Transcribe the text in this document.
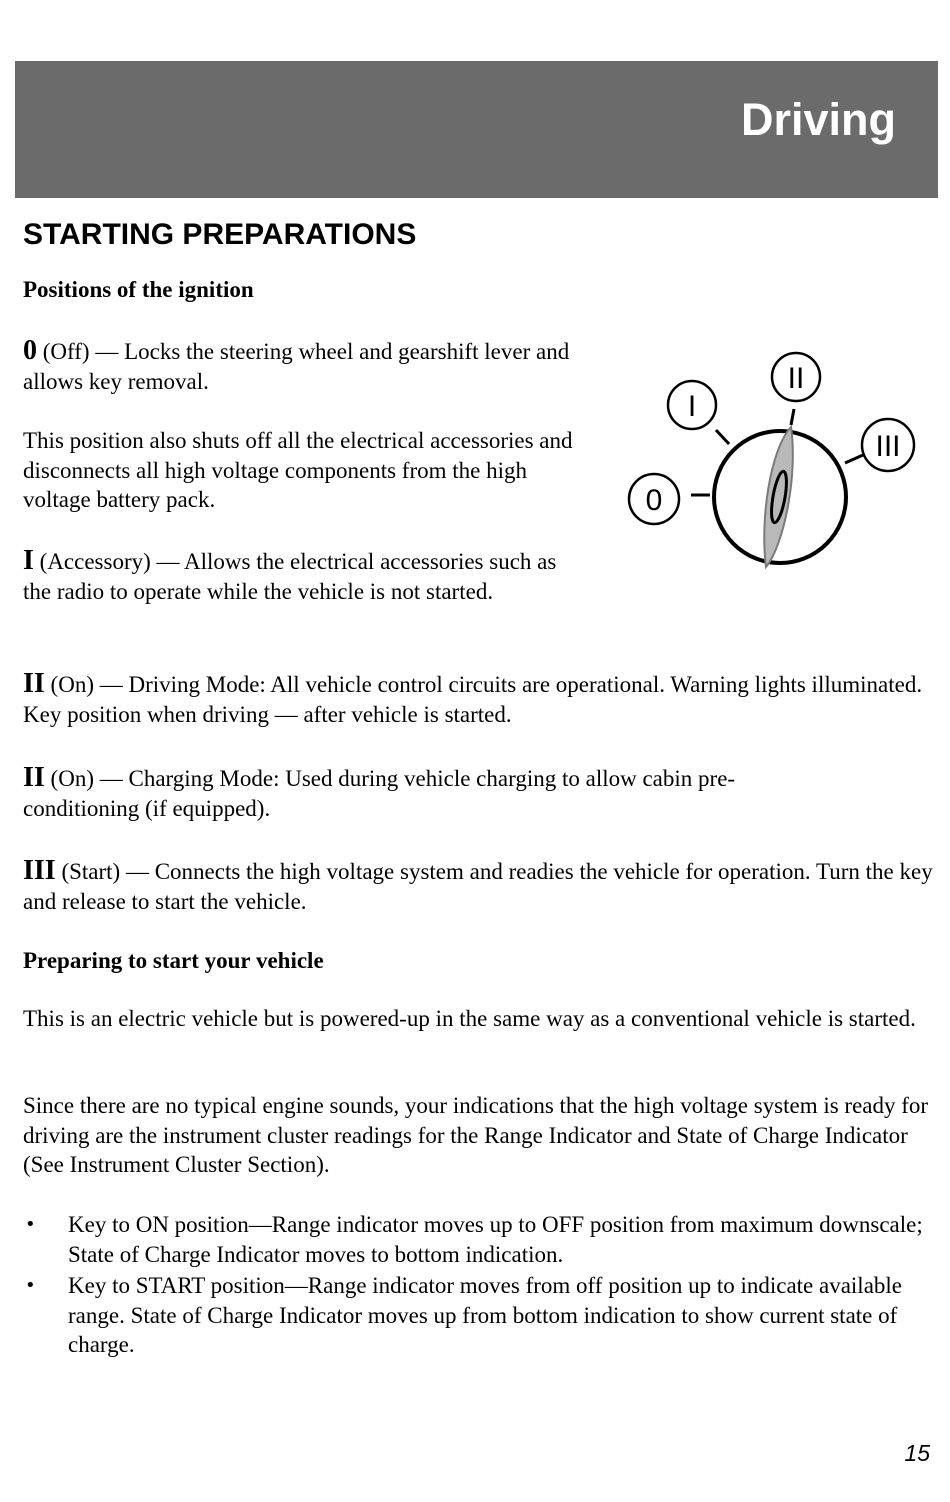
Driving
STARTING PREPARATIONS
Positions of the ignition
0 (Off) — Locks the steering wheel and gearshift lever and allows key removal.
This position also shuts off all the electrical accessories and disconnects all high voltage components from the high voltage battery pack.
I (Accessory) — Allows the electrical accessories such as the radio to operate while the vehicle is not started.
II (On) — Driving Mode: All vehicle control circuits are operational. Warning lights illuminated. Key position when driving — after vehicle is started.
II (On) — Charging Mode: Used during vehicle charging to allow cabin pre-conditioning (if equipped).
III (Start) — Connects the high voltage system and readies the vehicle for operation. Turn the key and release to start the vehicle.
0
I
II
III
Preparing to start your vehicle
This is an electric vehicle but is powered-up in the same way as a conventional vehicle is started.
Since there are no typical engine sounds, your indications that the high voltage system is ready for driving are the instrument cluster readings for the Range Indicator and State of Charge Indicator (See Instrument Cluster Section).
• Key to ON position—Range indicator moves up to OFF position from maximum downscale; State of Charge Indicator moves to bottom indication.
• Key to START position—Range indicator moves from off position up to indicate available range. State of Charge Indicator moves up from bottom indication to show current state of charge.
15
